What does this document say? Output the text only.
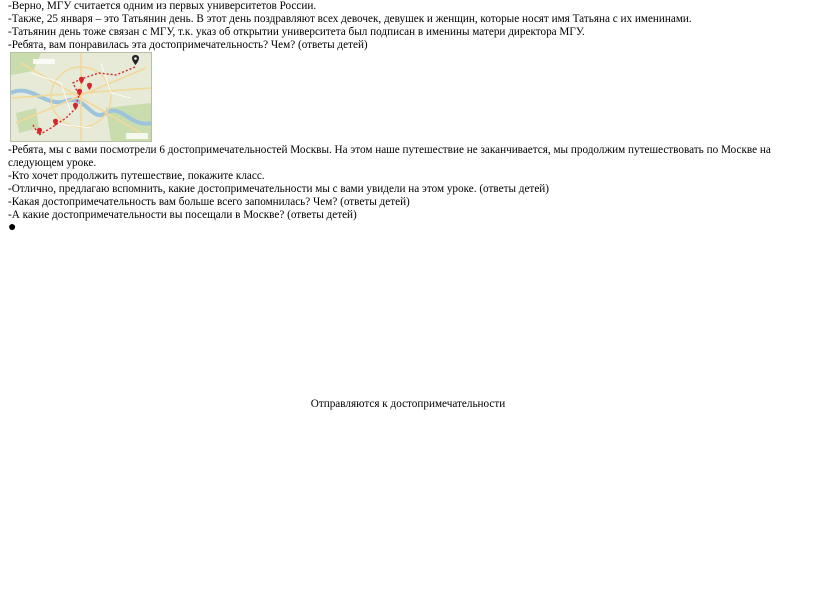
-Верно, МГУ считается одним из первых университетов России.
-Также, 25 января – это Татьянин день. В этот день поздравляют всех девочек, девушек и женщин, которые носят имя Татьяна с их именинами.
-Татьянин день тоже связан с МГУ, т.к. указ об открытии университета был подписан в именины матери директора МГУ.
-Ребята, вам понравилась эта достопримечательность? Чем? (ответы детей)
-Ребята, мы с вами посмотрели 6 достопримечательностей Москвы. На этом наше путешествие не заканчивается, мы продолжим путешествовать по Москве на следующем уроке.
-Кто хочет продолжить путешествие, покажите класс.
-Отлично, предлагаю вспомнить, какие достопримечательности мы с вами увидели на этом уроке. (ответы детей)
-Какая достопримечательность вам больше всего запомнилась? Чем? (ответы детей)
-А какие достопримечательности вы посещали в Москве? (ответы детей)
●
Отправляются к достопримечательности
